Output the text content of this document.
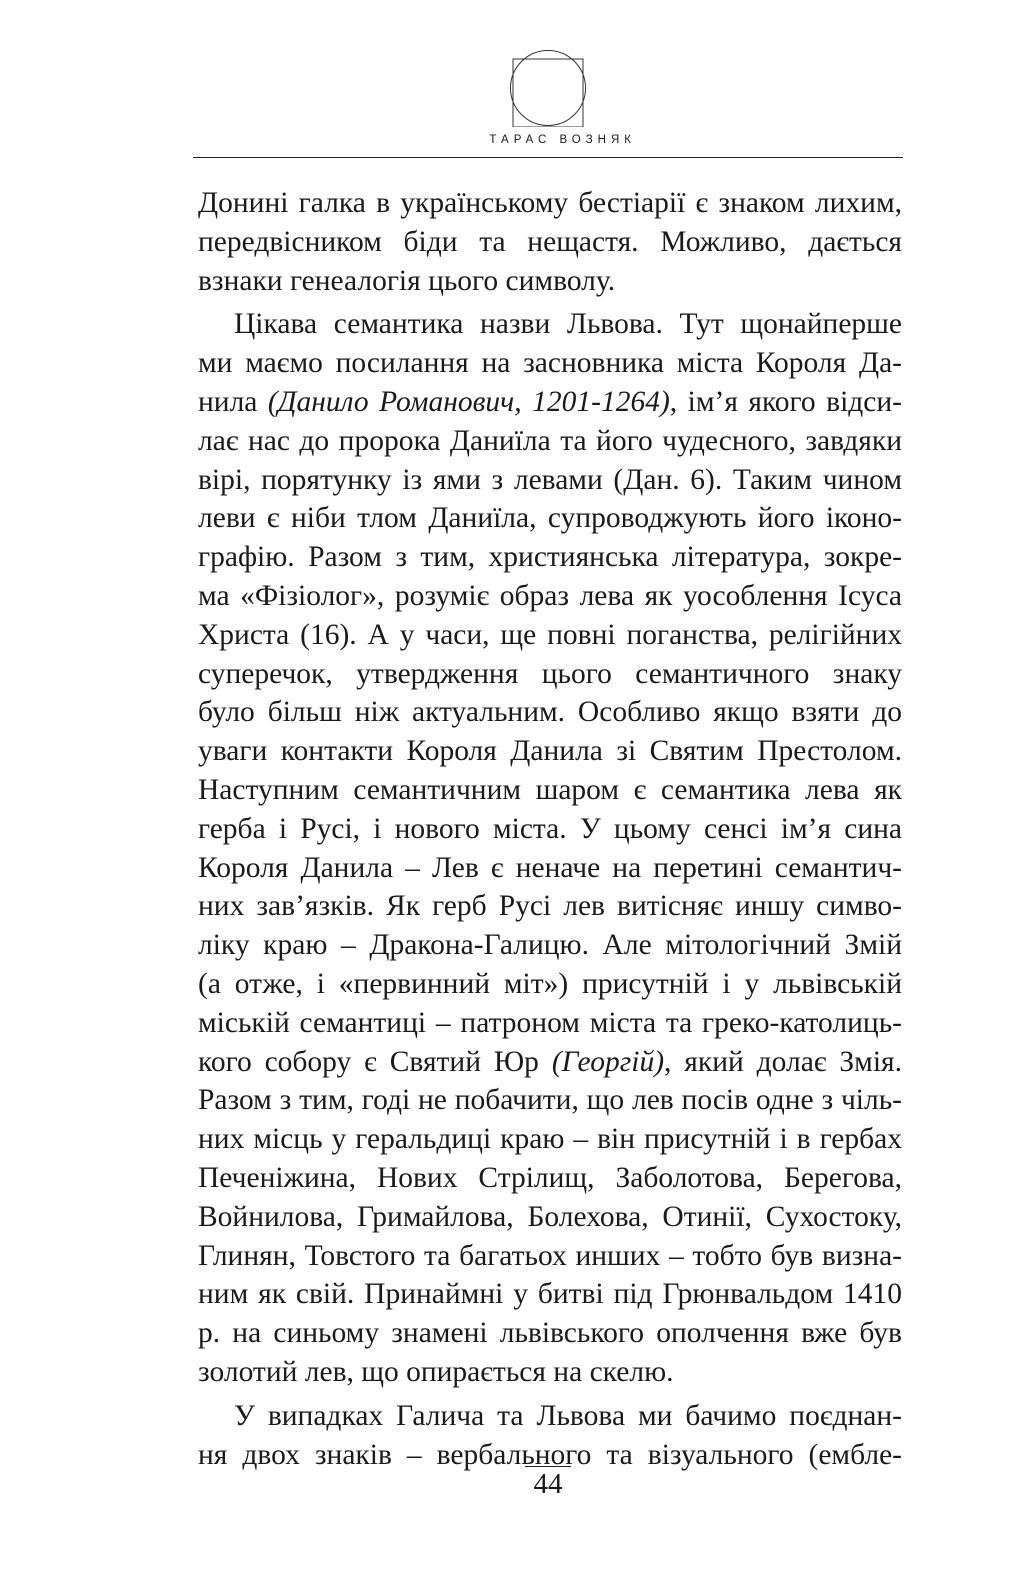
ТАРАС ВОЗНЯК
Донині галка в українському бестіарії є знаком лихим,
передвісником біди та нещастя. Можливо, дається
взнаки генеалогія цього символу.
Цікава семантика назви Львова. Тут щонайперше
ми маємо посилання на засновника міста Короля Да-
нила (Данило Романович, 1201-1264), ім’я якого відси-
лає нас до пророка Даниїла та його чудесного, завдяки
вірі, порятунку із ями з левами (Дан. 6). Таким чином
леви є ніби тлом Даниїла, супроводжують його іконо-
графію. Разом з тим, християнська література, зокре-
ма «Фізіолог», розуміє образ лева як уособлення Ісуса
Христа (16). А у часи, ще повні поганства, релігійних
суперечок, утвердження цього семантичного знаку
було більш ніж актуальним. Особливо якщо взяти до
уваги контакти Короля Данила зі Святим Престолом.
Наступним семантичним шаром є семантика лева як
герба і Русі, і нового міста. У цьому сенсі ім’я сина
Короля Данила – Лев є неначе на перетині семантич-
них зав’язків. Як герб Русі лев витісняє иншу симво-
ліку краю – Дракона-Галицю. Але мітологічний Змій
(а отже, і «первинний міт») присутній і у львівській
міській семантиці – патроном міста та греко-католиць-
кого собору є Святий Юр (Георгій), який долає Змія.
Разом з тим, годі не побачити, що лев посів одне з чіль-
них місць у геральдиці краю – він присутній і в гербах
Печеніжина, Нових Стрілищ, Заболотова, Берегова,
Войнилова, Гримайлова, Болехова, Отинії, Сухостоку,
Глинян, Товстого та багатьох инших – тобто був визна-
ним як свій. Принаймні у битві під Грюнвальдом 1410
р. на синьому знамені львівського ополчення вже був
золотий лев, що опирається на скелю.
У випадках Галича та Львова ми бачимо поєднан-
ня двох знаків – вербального та візуального (ембле-
44
